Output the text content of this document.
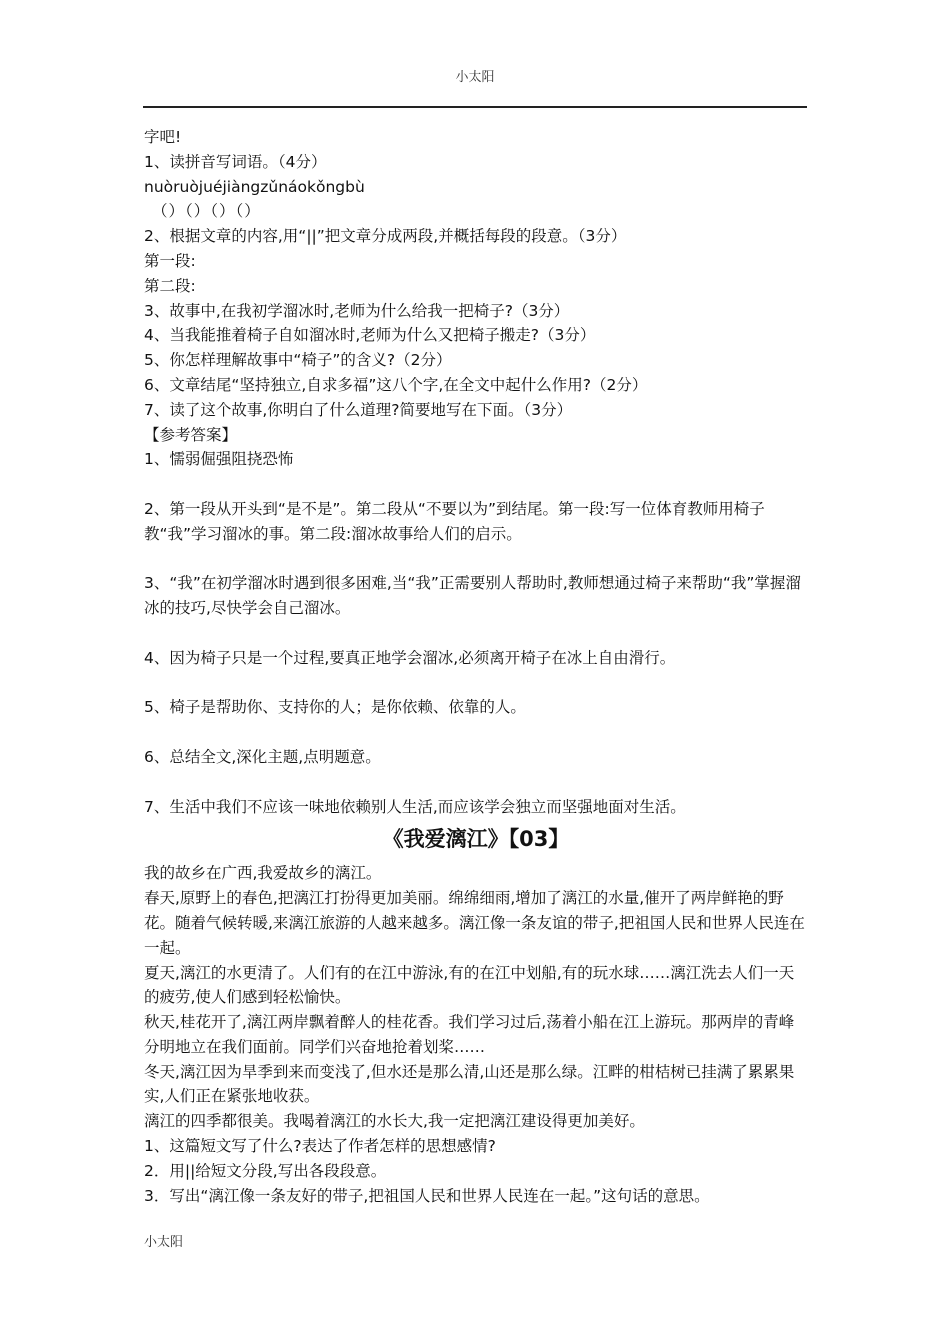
小太阳

字吧!

1、读拼音写词语。（4分）

nuòruòjuéjiàngzǔnáokǒngbù

（）（）（）（）

2、根据文章的内容,用“||”把文章分成两段,并概括每段的段意。（3分）

第一段:

第二段:

3、故事中,在我初学溜冰时,老师为什么给我一把椅子?（3分）

4、当我能推着椅子自如溜冰时,老师为什么又把椅子搬走?（3分）

5、你怎样理解故事中“椅子”的含义?（2分）

6、文章结尾“坚持独立,自求多福”这八个字,在全文中起什么作用?（2分）

7、读了这个故事,你明白了什么道理?简要地写在下面。（3分）

【参考答案】

1、懦弱倔强阻挠恐怖

2、第一段从开头到“是不是”。第二段从“不要以为”到结尾。第一段:写一位体育教师用椅子教“我”学习溜冰的事。第二段:溜冰故事给人们的启示。

3、“我”在初学溜冰时遇到很多困难,当“我”正需要别人帮助时,教师想通过椅子来帮助“我”掌握溜冰的技巧,尽快学会自己溜冰。

4、因为椅子只是一个过程,要真正地学会溜冰,必须离开椅子在冰上自由滑行。

5、椅子是帮助你、支持你的人；是你依赖、依靠的人。

6、总结全文,深化主题,点明题意。

7、生活中我们不应该一味地依赖别人生活,而应该学会独立而坚强地面对生活。

《我爱漓江》【03】

我的故乡在广西,我爱故乡的漓江。

春天,原野上的春色,把漓江打扮得更加美丽。绵绵细雨,增加了漓江的水量,催开了两岸鲜艳的野花。随着气候转暖,来漓江旅游的人越来越多。漓江像一条友谊的带子,把祖国人民和世界人民连在一起。

夏天,漓江的水更清了。人们有的在江中游泳,有的在江中划船,有的玩水球……漓江洗去人们一天的疲劳,使人们感到轻松愉快。

秋天,桂花开了,漓江两岸飘着醉人的桂花香。我们学习过后,荡着小船在江上游玩。那两岸的青峰分明地立在我们面前。同学们兴奋地抢着划桨……

冬天,漓江因为旱季到来而变浅了,但水还是那么清,山还是那么绿。江畔的柑桔树已挂满了累累果实,人们正在紧张地收获。

漓江的四季都很美。我喝着漓江的水长大,我一定把漓江建设得更加美好。

1、这篇短文写了什么?表达了作者怎样的思想感情?

2．用||给短文分段,写出各段段意。

3．写出“漓江像一条友好的带子,把祖国人民和世界人民连在一起。”这句话的意思。

小太阳
